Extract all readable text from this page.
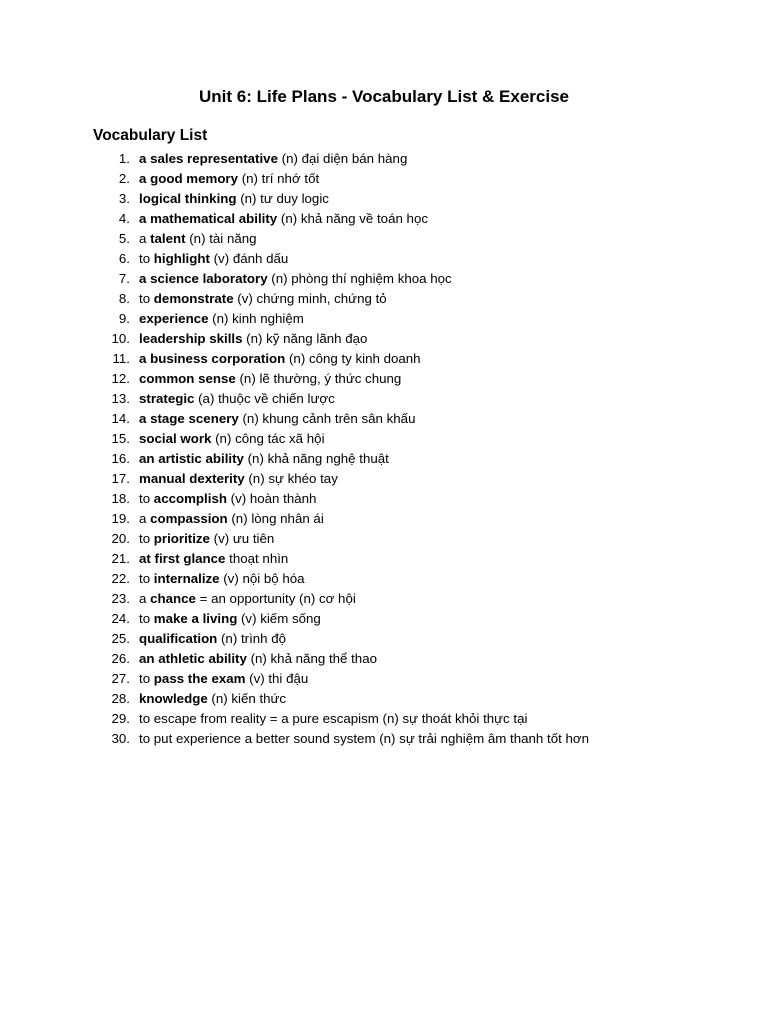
Unit 6: Life Plans - Vocabulary List & Exercise
Vocabulary List
1. a sales representative (n) đại diện bán hàng
2. a good memory (n) trí nhớ tốt
3. logical thinking (n) tư duy logic
4. a mathematical ability (n) khả năng về toán học
5. a talent (n) tài năng
6. to highlight (v) đánh dấu
7. a science laboratory (n) phòng thí nghiệm khoa học
8. to demonstrate (v) chứng minh, chứng tỏ
9. experience (n) kinh nghiệm
10. leadership skills (n) kỹ năng lãnh đạo
11. a business corporation (n) công ty kinh doanh
12. common sense (n) lẽ thường, ý thức chung
13. strategic (a) thuộc về chiến lược
14. a stage scenery (n) khung cảnh trên sân khấu
15. social work (n) công tác xã hội
16. an artistic ability (n) khả năng nghệ thuật
17. manual dexterity (n) sự khéo tay
18. to accomplish (v) hoàn thành
19. a compassion (n) lòng nhân ái
20. to prioritize (v) ưu tiên
21. at first glance thoạt nhìn
22. to internalize (v) nội bộ hóa
23. a chance = an opportunity (n) cơ hội
24. to make a living (v) kiếm sống
25. qualification (n) trình độ
26. an athletic ability (n) khả năng thể thao
27. to pass the exam (v) thi đậu
28. knowledge (n) kiến thức
29. to escape from reality = a pure escapism (n) sự thoát khỏi thực tại
30. to put experience a better sound system (n) sự trải nghiệm âm thanh tốt hơn
